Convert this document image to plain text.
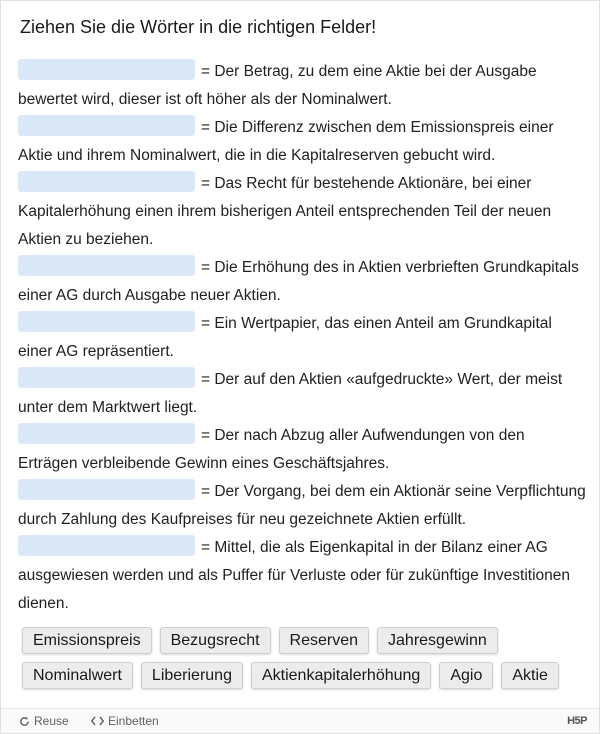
Ziehen Sie die Wörter in die richtigen Felder!
= Der Betrag, zu dem eine Aktie bei der Ausgabe bewertet wird, dieser ist oft höher als der Nominalwert.
= Die Differenz zwischen dem Emissionspreis einer Aktie und ihrem Nominalwert, die in die Kapitalreserven gebucht wird.
= Das Recht für bestehende Aktionäre, bei einer Kapitalerhöhung einen ihrem bisherigen Anteil entsprechenden Teil der neuen Aktien zu beziehen.
= Die Erhöhung des in Aktien verbrieften Grundkapitals einer AG durch Ausgabe neuer Aktien.
= Ein Wertpapier, das einen Anteil am Grundkapital einer AG repräsentiert.
= Der auf den Aktien «aufgedruckte» Wert, der meist unter dem Marktwert liegt.
= Der nach Abzug aller Aufwendungen von den Erträgen verbleibende Gewinn eines Geschäftsjahres.
= Der Vorgang, bei dem ein Aktionär seine Verpflichtung durch Zahlung des Kaufpreises für neu gezeichnete Aktien erfüllt.
= Mittel, die als Eigenkapital in der Bilanz einer AG ausgewiesen werden und als Puffer für Verluste oder für zukünftige Investitionen dienen.
Emissionspreis Bezugsrecht Reserven Jahresgewinn
Nominalwert Liberierung Aktienkapitalerhöhung Agio Aktie
Reuse	Einbetten	H5P
